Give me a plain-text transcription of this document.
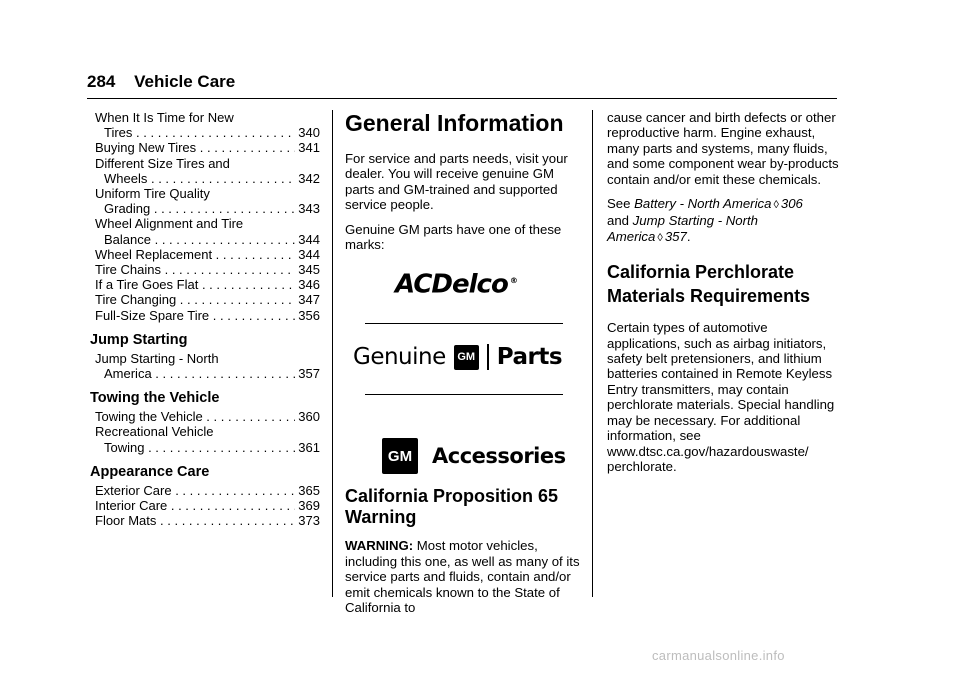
284 Vehicle Care
When It Is Time for New
Tires . . .	340
Buying New Tires . . .	341
Different Size Tires and
Wheels . . .	342
Uniform Tire Quality
Grading . . .	343
Wheel Alignment and Tire
Balance . . .	344
Wheel Replacement . . .	344
Tire Chains . . .	345
If a Tire Goes Flat . . .	346
Tire Changing . . .	347
Full-Size Spare Tire . . .	356
Jump Starting
Jump Starting - North
America . . .	357
Towing the Vehicle
Towing the Vehicle . . .	360
Recreational Vehicle
Towing . . .	361
Appearance Care
Exterior Care . . .	365
Interior Care . . .	369
Floor Mats . . .	373
General Information

For service and parts needs, visit your dealer. You will receive genuine GM parts and GM-trained and supported service people.

Genuine GM parts have one of these marks:

ACDelco ®
Genuine	GM Parts
GM Accessories
California Proposition 65 Warning

WARNING: Most motor vehicles, including this one, as well as many of its service parts and fluids, contain and/or emit chemicals known to the State of California to

cause cancer and birth defects or other reproductive harm. Engine exhaust, many parts and systems, many fluids, and some component wear by-products contain and/or emit these chemicals.

See Battery - North America ◊ 306
and Jump Starting - North America ◊ 357.

California Perchlorate Materials Requirements

Certain types of automotive applications, such as airbag initiators, safety belt pretensioners, and lithium batteries contained in Remote Keyless Entry transmitters, may contain perchlorate materials. Special handling may be necessary. For additional information, see www.dtsc.ca.gov/hazardouswaste/ perchlorate.

carmanualsonline.info
